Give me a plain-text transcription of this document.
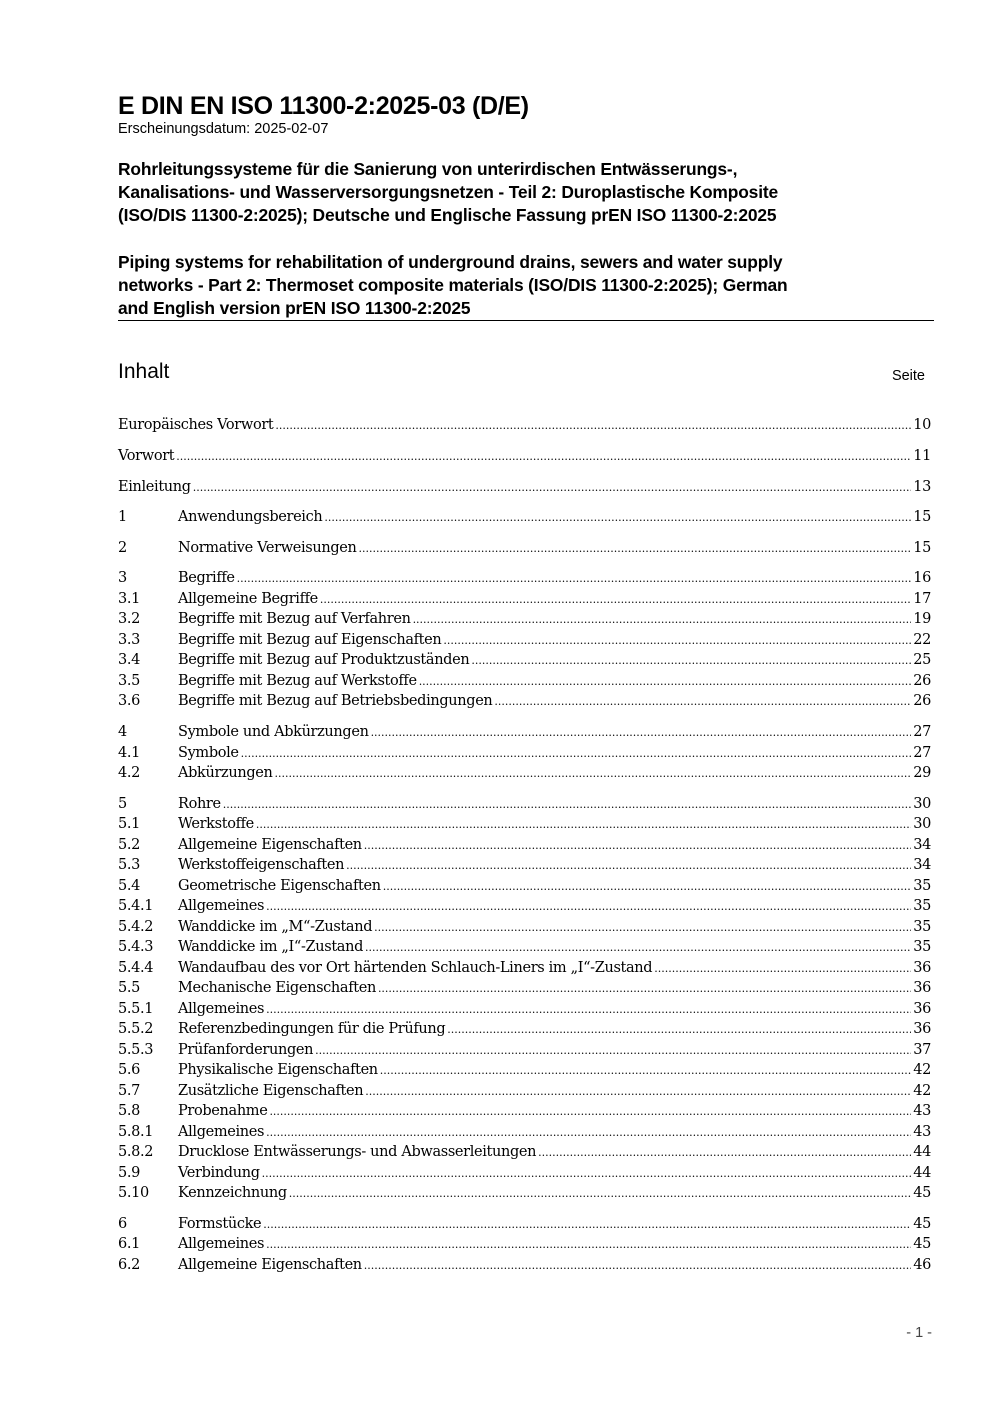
E DIN EN ISO 11300-2:2025-03 (D/E)
Erscheinungsdatum: 2025-02-07
Rohrleitungssysteme für die Sanierung von unterirdischen Entwässerungs-,
Kanalisations- und Wasserversorgungsnetzen - Teil 2: Duroplastische Komposite
(ISO/DIS 11300-2:2025); Deutsche und Englische Fassung prEN ISO 11300-2:2025
Piping systems for rehabilitation of underground drains, sewers and water supply
networks - Part 2: Thermoset composite materials (ISO/DIS 11300-2:2025); German
and English version prEN ISO 11300-2:2025
Inhalt	Seite
Europäisches Vorwort .....	10
Vorwort .....	11
Einleitung .....	13
1	Anwendungsbereich .....	15
2	Normative Verweisungen .....	15
3	Begriffe .....	16
3.1	Allgemeine Begriffe .....	17
3.2	Begriffe mit Bezug auf Verfahren .....	19
3.3	Begriffe mit Bezug auf Eigenschaften .....	22
3.4	Begriffe mit Bezug auf Produktzuständen .....	25
3.5	Begriffe mit Bezug auf Werkstoffe .....	26
3.6	Begriffe mit Bezug auf Betriebsbedingungen .....	26
4	Symbole und Abkürzungen .....	27
4.1	Symbole .....	27
4.2	Abkürzungen .....	29
5	Rohre .....	30
5.1	Werkstoffe .....	30
5.2	Allgemeine Eigenschaften .....	34
5.3	Werkstoffeigenschaften .....	34
5.4	Geometrische Eigenschaften .....	35
5.4.1	Allgemeines .....	35
5.4.2	Wanddicke im „M“-Zustand .....	35
5.4.3	Wanddicke im „I“-Zustand .....	35
5.4.4	Wandaufbau des vor Ort härtenden Schlauch-Liners im „I“-Zustand .....	36
5.5	Mechanische Eigenschaften .....	36
5.5.1	Allgemeines .....	36
5.5.2	Referenzbedingungen für die Prüfung .....	36
5.5.3	Prüfanforderungen .....	37
5.6	Physikalische Eigenschaften .....	42
5.7	Zusätzliche Eigenschaften .....	42
5.8	Probenahme .....	43
5.8.1	Allgemeines .....	43
5.8.2	Drucklose Entwässerungs- und Abwasserleitungen .....	44
5.9	Verbindung .....	44
5.10	Kennzeichnung .....	45
6	Formstücke .....	45
6.1	Allgemeines .....	45
6.2	Allgemeine Eigenschaften .....	46
- 1 -
